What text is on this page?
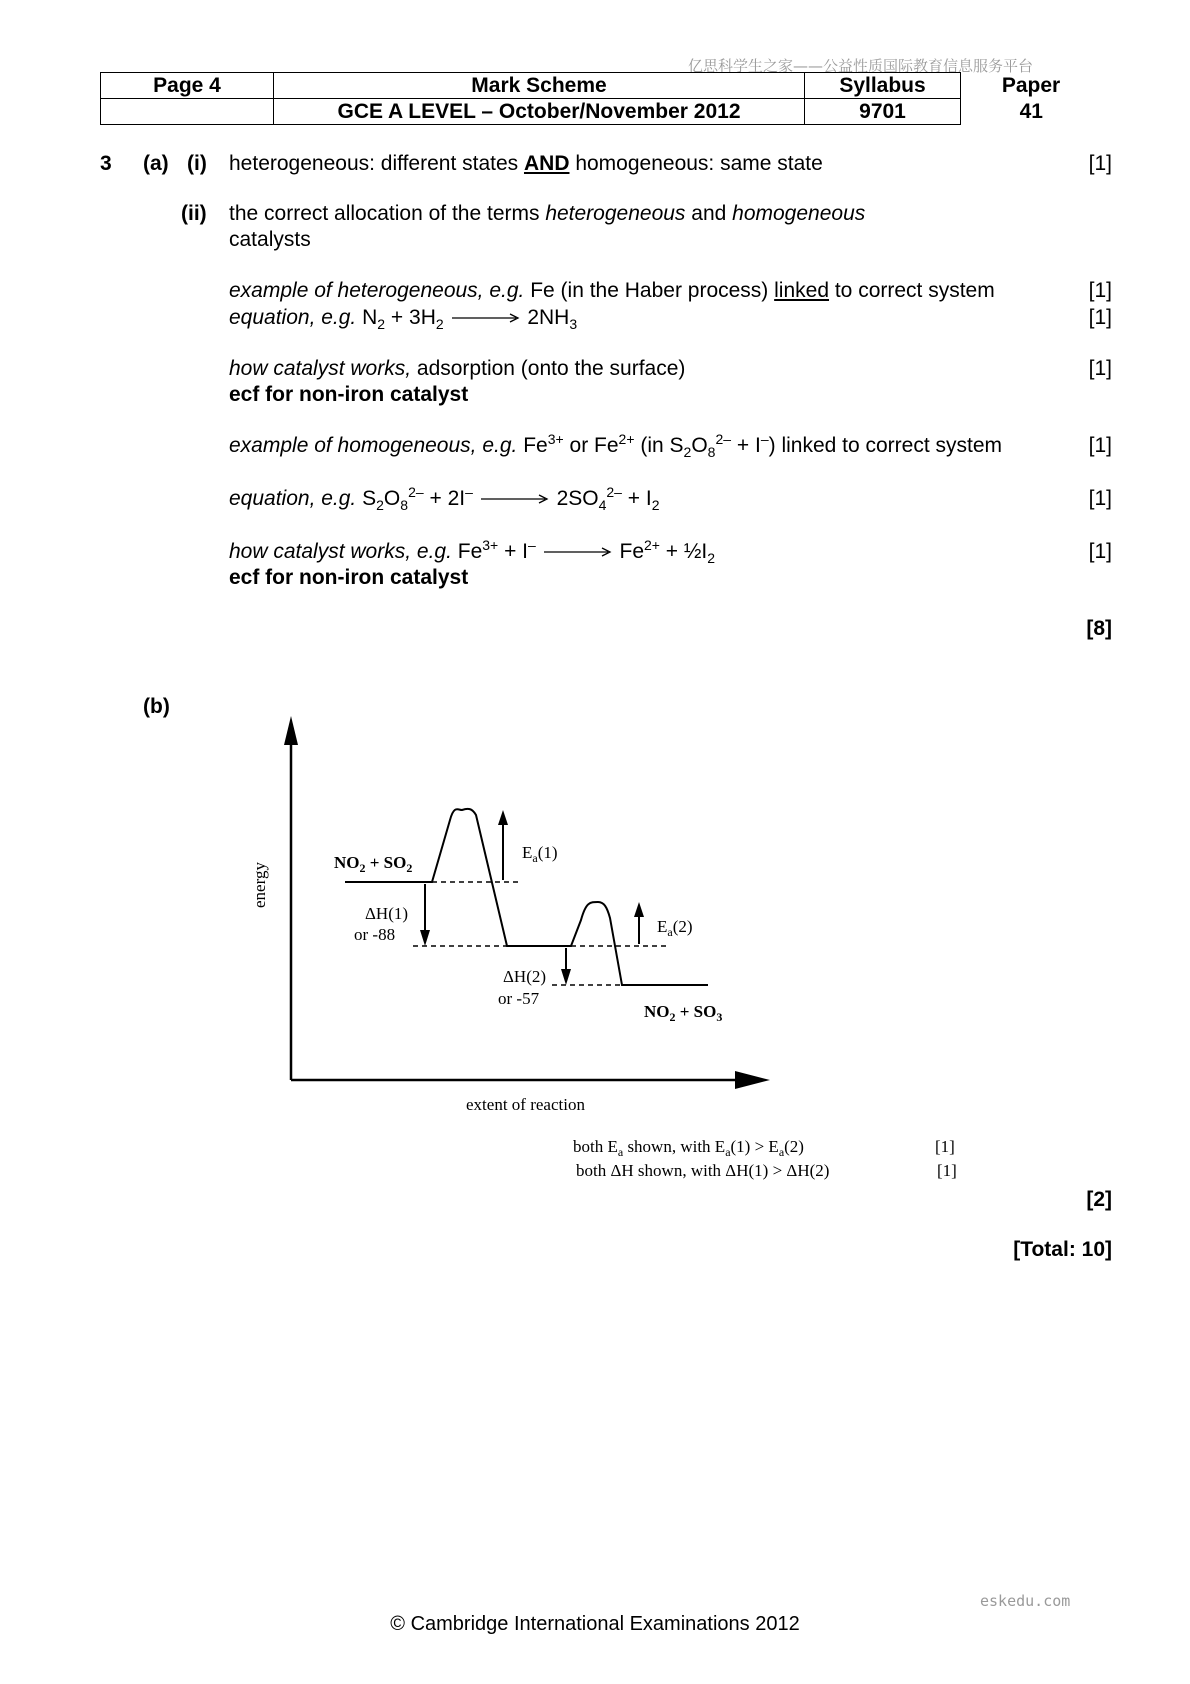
亿思科学生之家——公益性质国际教育信息服务平台
Page 4	Mark Scheme	Syllabus	Paper
	GCE A LEVEL – October/November 2012	9701	41
3 (a) (i)
(ii)
heterogeneous: different states AND homogeneous: same state	[1]
the correct allocation of the terms heterogeneous and homogeneous
catalysts
example of heterogeneous, e.g. Fe (in the Haber process) linked to correct system	[1]
equation, e.g. $N_2 + 3H_2 \to 2NH_3$	[1]
how catalyst works, adsorption (onto the surface)	[1]
ecf for non-iron catalyst
example of homogeneous, e.g. $Fe^{3+}$ or $Fe^{2+}$ (in $S_2O_8^{2-} + I^-$) linked to correct system	[1]
equation, e.g. $S_2O_8^{2-} + 2I^- \to 2SO_4^{2-} + I_2$	[1]
how catalyst works, e.g. $Fe^{3+} + I^- \to Fe^{2+}$ + $\frac{1}{2}I_2$	[1]
ecf for non-iron catalyst
[8]
(b)
energy
extent of reaction
$NO_2 + SO_2$
$NO_2 + SO_3$
$E_a(1)$
$E_a(2)$
ΔH(1)
or -88
ΔH(2)
or -57
both $E_a$ shown, with $E_a(1) > E_a(2)$	[1]
both ΔH shown, with ΔH(1) > ΔH(2)	[1]
[2]
[Total: 10]
eskedu.com
© Cambridge International Examinations 2012
